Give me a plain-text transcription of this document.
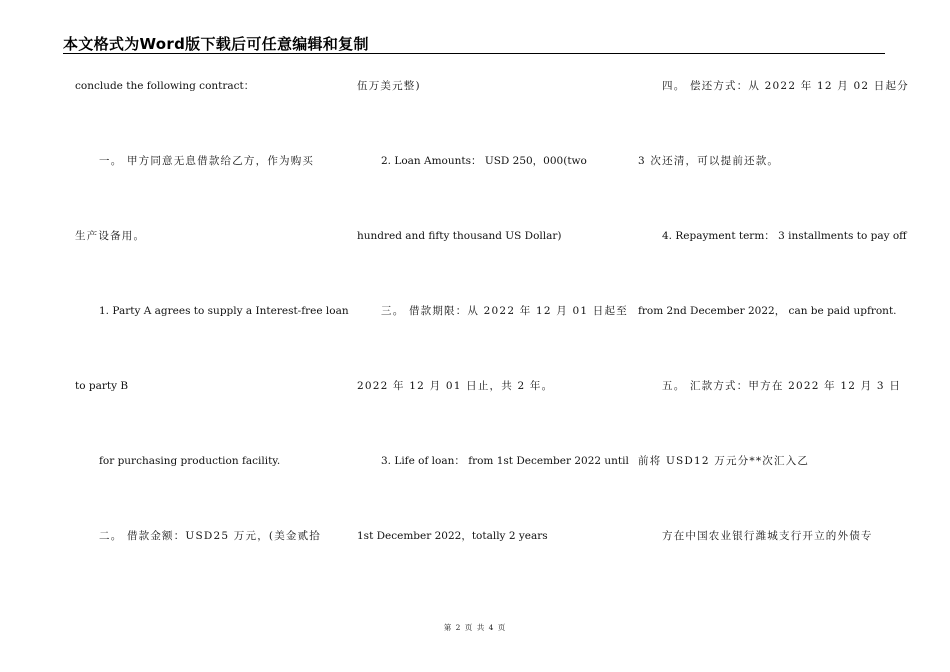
本文格式为Word版下载后可任意编辑和复制
conclude the following contract：
一。 甲方同意无息借款给乙方，作为购买
生产设备用。
1. Party A agrees to supply a Interest-free loan
to party B
for purchasing production facility.
二。 借款金额：USD25 万元，(美金贰拾
伍万美元整)
2. Loan Amounts： USD 250，000(two
hundred and fifty thousand US Dollar)
三。 借款期限：从 2022 年 12 月 01 日起至
2022 年 12 月 01 日止，共 2 年。
3. Life of loan： from 1st December 2022 until
1st December 2022，totally 2 years
四。 偿还方式：从 2022 年 12 月 02 日起分
3 次还清，可以提前还款。
4. Repayment term： 3 installments to pay off
from 2nd December 2022， can be paid upfront.
五。 汇款方式：甲方在 2022 年 12 月 3 日
前将 USD12 万元分**次汇入乙
方在中国农业银行潍城支行开立的外债专
第 2 页 共 4 页
